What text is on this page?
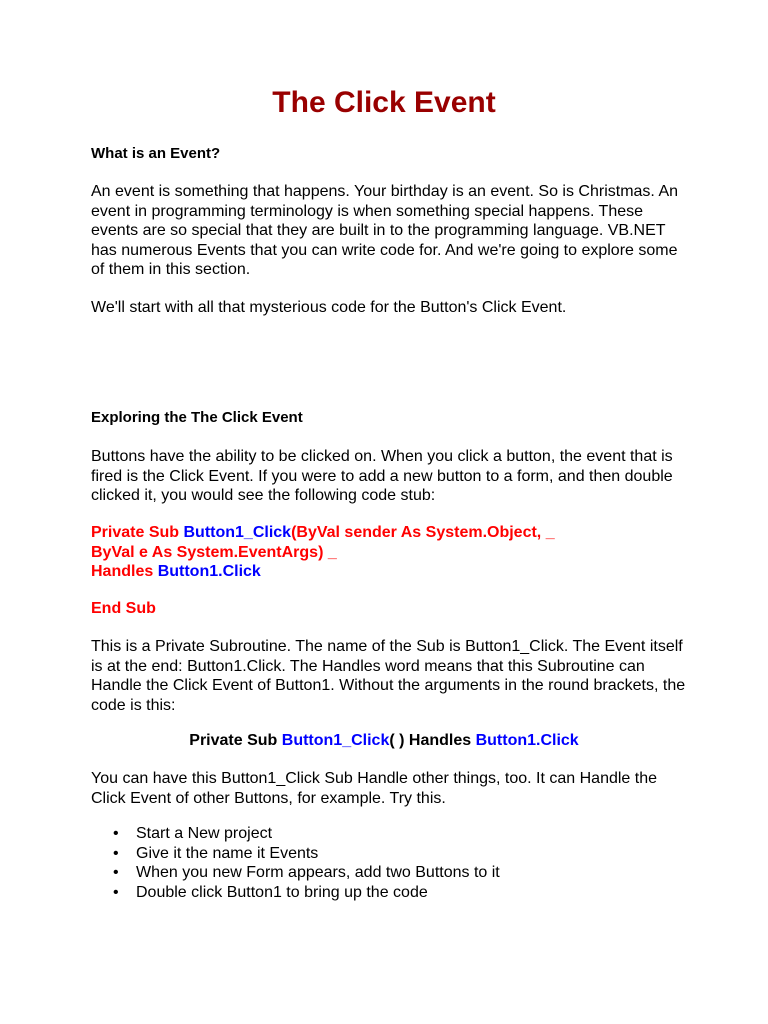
The Click Event

What is an Event?

An event is something that happens. Your birthday is an event. So is Christmas. An event in programming terminology is when something special happens. These events are so special that they are built in to the programming language. VB.NET has numerous Events that you can write code for. And we're going to explore some of them in this section.

We'll start with all that mysterious code for the Button's Click Event.

Exploring the The Click Event

Buttons have the ability to be clicked on. When you click a button, the event that is fired is the Click Event. If you were to add a new button to a form, and then double clicked it, you would see the following code stub:

Private Sub Button1_Click(ByVal sender As System.Object, _
ByVal e As System.EventArgs) _
Handles Button1.Click

End Sub

This is a Private Subroutine. The name of the Sub is Button1_Click. The Event itself is at the end: Button1.Click. The Handles word means that this Subroutine can Handle the Click Event of Button1. Without the arguments in the round brackets, the code is this:

Private Sub Button1_Click( ) Handles Button1.Click

You can have this Button1_Click Sub Handle other things, too. It can Handle the Click Event of other Buttons, for example. Try this.

• Start a New project
• Give it the name it Events
• When you new Form appears, add two Buttons to it
• Double click Button1 to bring up the code
